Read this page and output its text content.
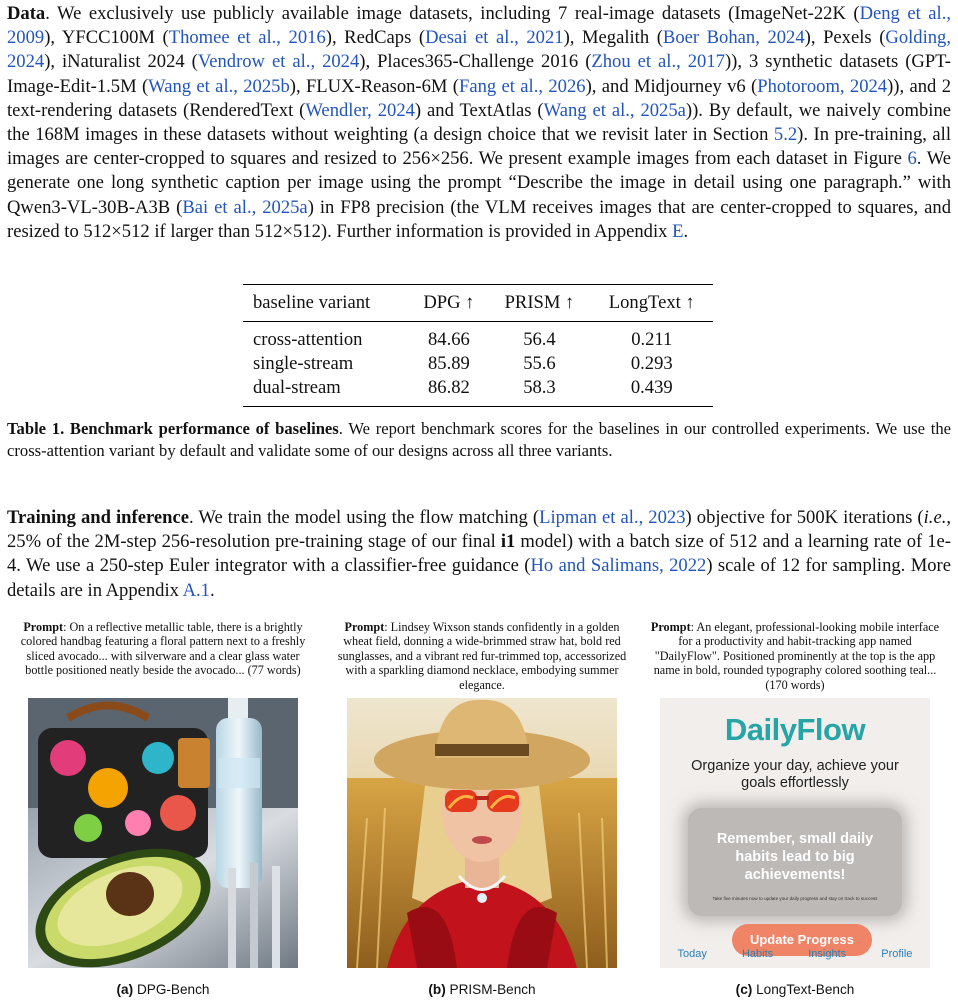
Data. We exclusively use publicly available image datasets, including 7 real-image datasets (ImageNet-22K (Deng et al., 2009), YFCC100M (Thomee et al., 2016), RedCaps (Desai et al., 2021), Megalith (Boer Bohan, 2024), Pexels (Golding, 2024), iNaturalist 2024 (Vendrow et al., 2024), Places365-Challenge 2016 (Zhou et al., 2017)), 3 synthetic datasets (GPT-Image-Edit-1.5M (Wang et al., 2025b), FLUX-Reason-6M (Fang et al., 2026), and Midjourney v6 (Photoroom, 2024)), and 2 text-rendering datasets (RenderedText (Wendler, 2024) and TextAtlas (Wang et al., 2025a)). By default, we naively combine the 168M images in these datasets without weighting (a design choice that we revisit later in Section 5.2). In pre-training, all images are center-cropped to squares and resized to 256×256. We present example images from each dataset in Figure 6. We generate one long synthetic caption per image using the prompt “Describe the image in detail using one paragraph.” with Qwen3-VL-30B-A3B (Bai et al., 2025a) in FP8 precision (the VLM receives images that are center-cropped to squares, and resized to 512×512 if larger than 512×512). Further information is provided in Appendix E.

baseline variant	DPG ↑	PRISM ↑	LongText ↑
cross-attention	84.66	56.4	0.211
single-stream	85.89	55.6	0.293
dual-stream	86.82	58.3	0.439

Table 1. Benchmark performance of baselines. We report benchmark scores for the baselines in our controlled experiments. We use the cross-attention variant by default and validate some of our designs across all three variants.

Training and inference. We train the model using the flow matching (Lipman et al., 2023) objective for 500K iterations (i.e., 25% of the 2M-step 256-resolution pre-training stage of our final i1 model) with a batch size of 512 and a learning rate of 1e-4. We use a 250-step Euler integrator with a classifier-free guidance (Ho and Salimans, 2022) scale of 12 for sampling. More details are in Appendix A.1.

Prompt: On a reflective metallic table, there is a brightly colored handbag featuring a floral pattern next to a freshly sliced avocado... with silverware and a clear glass water bottle positioned neatly beside the avocado... (77 words)
(a) DPG-Bench
Prompt: Lindsey Wixson stands confidently in a golden wheat field, donning a wide-brimmed straw hat, bold red sunglasses, and a vibrant red fur-trimmed top, accessorized with a sparkling diamond necklace, embodying summer elegance.
(b) PRISM-Bench
Prompt: An elegant, professional-looking mobile interface for a productivity and habit-tracking app named "DailyFlow". Positioned prominently at the top is the app name in bold, rounded typography colored soothing teal... (170 words)
DailyFlow
Organize your day, achieve your goals effortlessly
Remember, small daily habits lead to big achievements!
Take five minutes now to update your daily progress and stay on track to success
Update Progress
Today	Habits	Insights	Profile
(c) LongText-Bench
